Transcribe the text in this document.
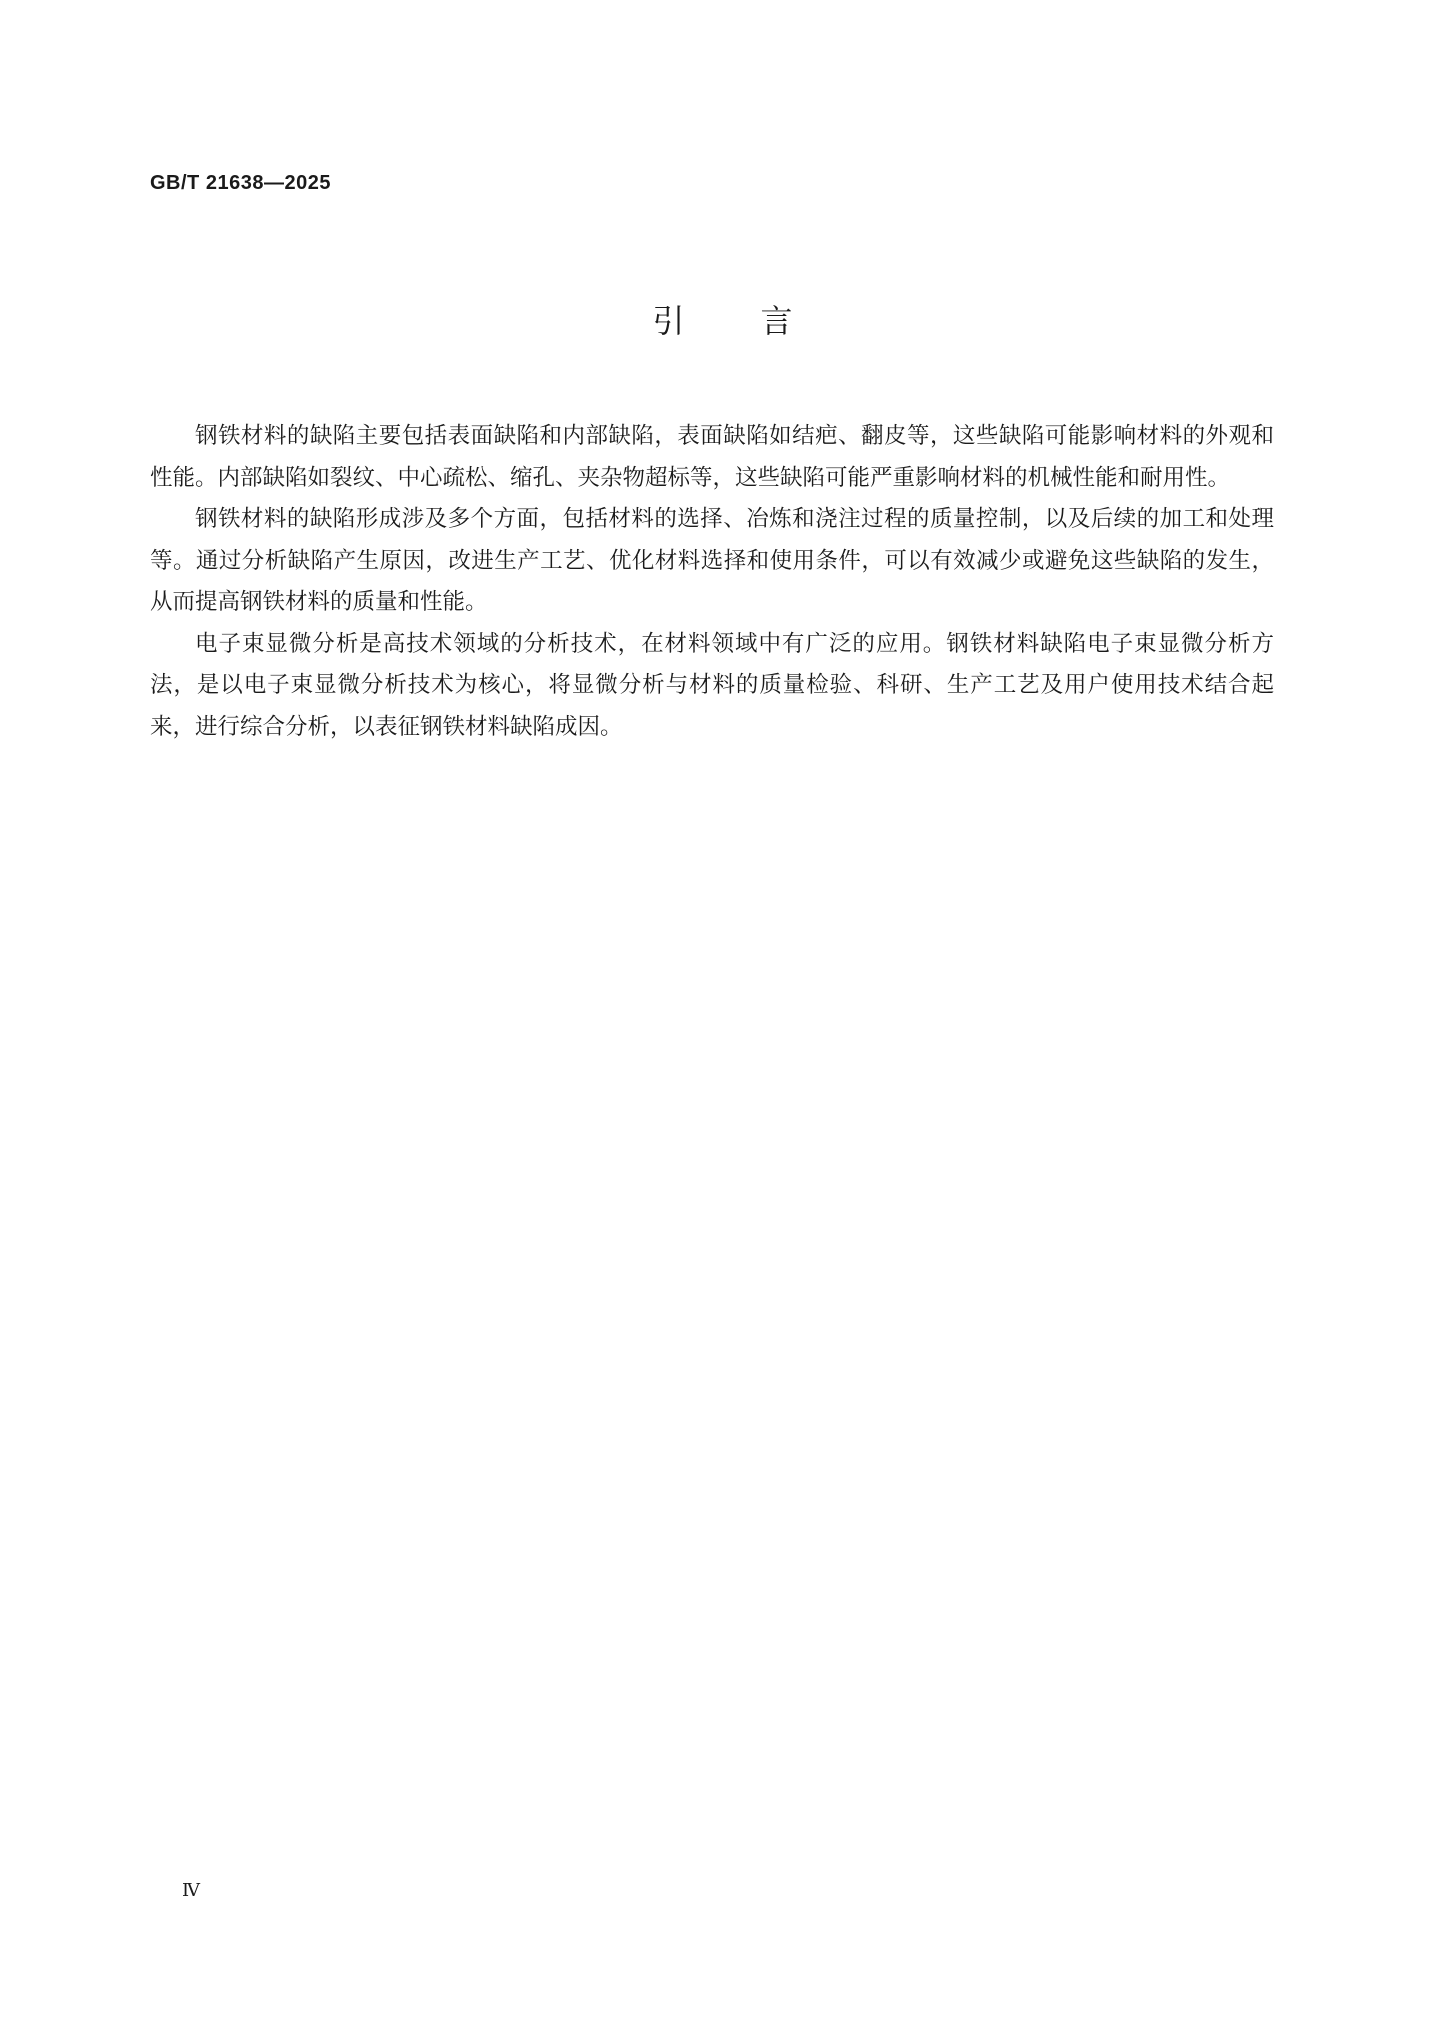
GB/T 21638—2025
引言

钢铁材料的缺陷主要包括表面缺陷和内部缺陷，表面缺陷如结疤、翻皮等，这些缺陷可能影响材料的外观和性能。内部缺陷如裂纹、中心疏松、缩孔、夹杂物超标等，这些缺陷可能严重影响材料的机械性能和耐用性。

钢铁材料的缺陷形成涉及多个方面，包括材料的选择、冶炼和浇注过程的质量控制，以及后续的加工和处理等。通过分析缺陷产生原因，改进生产工艺、优化材料选择和使用条件，可以有效减少或避免这些缺陷的发生，从而提高钢铁材料的质量和性能。

电子束显微分析是高技术领域的分析技术，在材料领域中有广泛的应用。钢铁材料缺陷电子束显微分析方法，是以电子束显微分析技术为核心，将显微分析与材料的质量检验、科研、生产工艺及用户使用技术结合起来，进行综合分析，以表征钢铁材料缺陷成因。

Ⅳ
